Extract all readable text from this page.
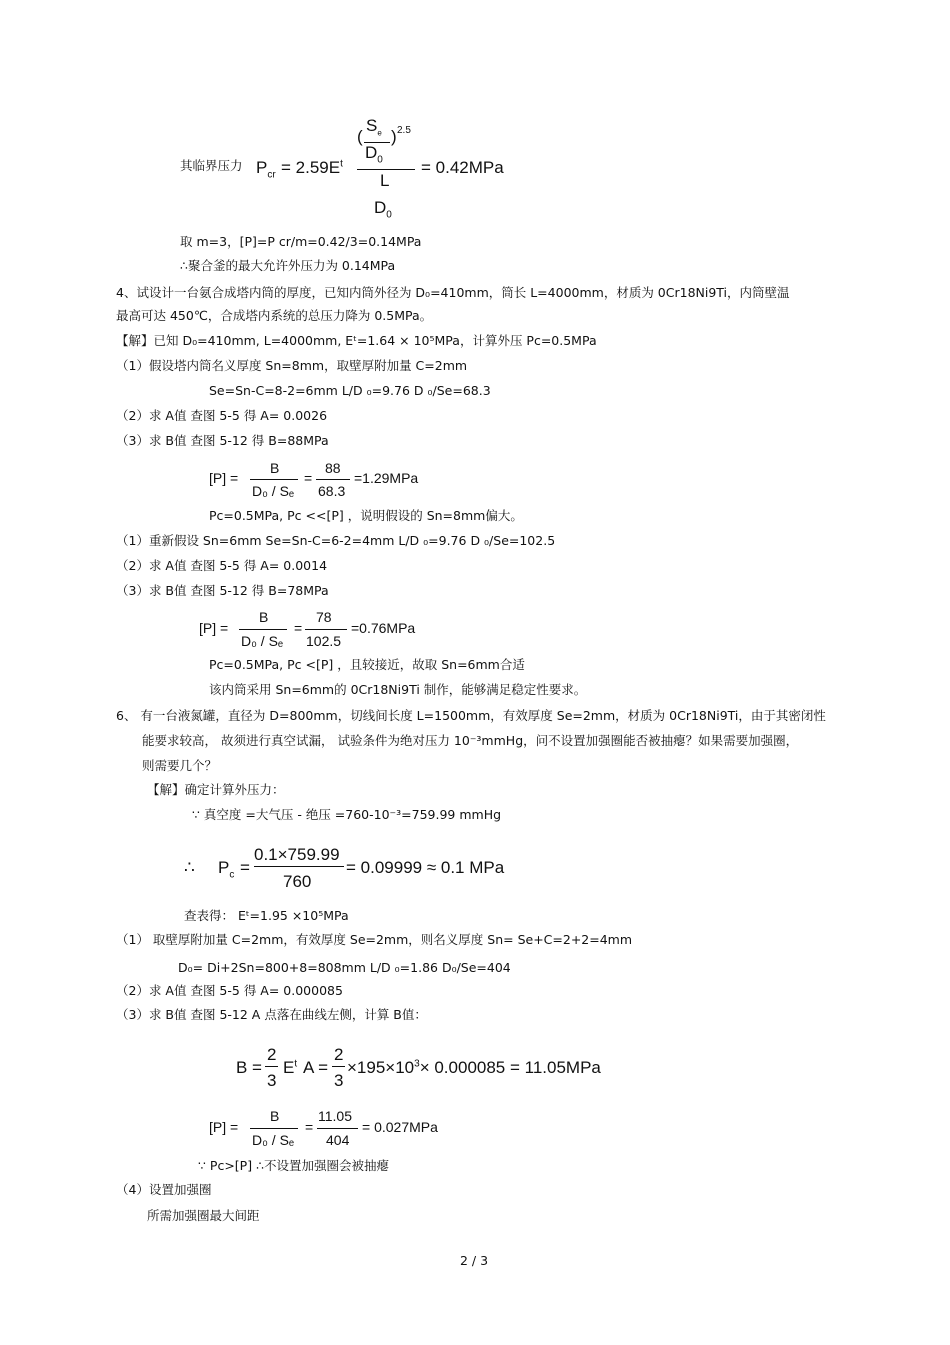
其临界压力 $P_{cr} = 2.59E^t$
(
$S_e$
$D_0$
) 2.5
L
$D_0$
= 0.42MPa
取 m=3，[P]=P cr/m=0.42/3=0.14MPa
∴聚合釜的最大允许外压力为 0.14MPa
4、试设计一台氨合成塔内筒的厚度，已知内筒外径为 D₀=410mm，筒长 L=4000mm，材质为 0Cr18Ni9Ti，内筒壁温
最高可达 450℃，合成塔内系统的总压力降为 0.5MPa。
【解】已知 D₀=410mm, L=4000mm, Eᵗ=1.64 × 10⁵MPa，计算外压 Pc=0.5MPa
（1）假设塔内筒名义厚度 Sn=8mm，取壁厚附加量 C=2mm
Se=Sn-C=8-2=6mm L/D ₀=9.76 D ₀/Se=68.3
（2）求 A值 查图 5-5 得 A= 0.0026
（3）求 B值 查图 5-12 得 B=88MPa
[P] =
B
D₀ / Sₑ
=
88
68.3
=1.29MPa
Pc=0.5MPa, Pc <<[P] ，说明假设的 Sn=8mm偏大。
（1）重新假设 Sn=6mm Se=Sn-C=6-2=4mm L/D ₀=9.76 D ₀/Se=102.5
（2）求 A值 查图 5-5 得 A= 0.0014
（3）求 B值 查图 5-12 得 B=78MPa
[P] =
B
D₀ / Sₑ
=
78
102.5
=0.76MPa
Pc=0.5MPa, Pc <[P] ，且较接近，故取 Sn=6mm合适
该内筒采用 Sn=6mm的 0Cr18Ni9Ti 制作，能够满足稳定性要求。
6、 有一台液氮罐，直径为 D=800mm，切线间长度 L=1500mm，有效厚度 Se=2mm，材质为 0Cr18Ni9Ti，由于其密闭性
能要求较高， 故须进行真空试漏， 试验条件为绝对压力 10⁻³mmHg，问不设置加强圈能否被抽瘪？如果需要加强圈，
则需要几个？
【解】确定计算外压力：
∵ 真空度 =大气压 - 绝压 =760-10⁻³=759.99 mmHg
∴ $P_c$ =
0.1×759.99
760
= 0.09999 ≈ 0.1 MPa
查表得： Eᵗ=1.95 ×10⁵MPa
（1） 取壁厚附加量 C=2mm，有效厚度 Se=2mm，则名义厚度 Sn= Se+C=2+2=4mm
D₀= Di+2Sn=800+8=808mm L/D ₀=1.86 D₀/Se=404
（2）求 A值 查图 5-5 得 A= 0.000085
（3）求 B值 查图 5-12 A 点落在曲线左侧，计算 B值：
B =
2
3
$E^t$ A =
2
3
$\times 195\times 10^3\times 0.000085 = 11.05MPa$
[P] =
B
D₀ / Sₑ
=
11.05
404
= 0.027MPa
∵ Pc>[P] ∴不设置加强圈会被抽瘪
（4）设置加强圈
所需加强圈最大间距
2 / 3
